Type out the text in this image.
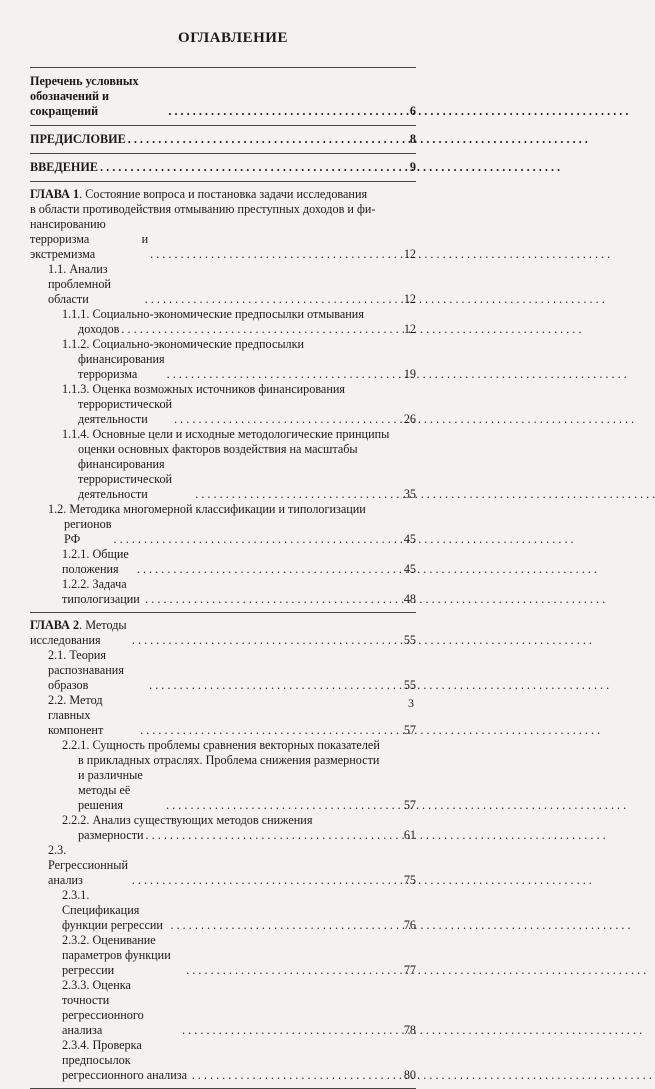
ОГЛАВЛЕНИЕ
Перечень условных обозначений и сокращений . . .	6
ПРЕДИСЛОВИЕ . . .	8
ВВЕДЕНИЕ . . .	9
ГЛАВА 1. Состояние вопроса и постановка задачи исследования
в области противодействия отмыванию преступных доходов и фи-
нансированию терроризма и экстремизма . . .	12
1.1. Анализ проблемной области . . .	12
1.1.1. Социально-экономические предпосылки отмывания
доходов . . .	12
1.1.2. Социально-экономические предпосылки
финансирования терроризма . . .	19
1.1.3. Оценка возможных источников финансирования
террористической деятельности . . .	26
1.1.4. Основные цели и исходные методологические принципы
оценки основных факторов воздействия на масштабы
финансирования террористической деятельности . . .	35
1.2. Методика многомерной классификации и типологизации
регионов РФ . . .	45
1.2.1. Общие положения . . .	45
1.2.2. Задача типологизации . . .	48
ГЛАВА 2. Методы исследования . . .	55
2.1. Теория распознавания образов . . .	55
2.2. Метод главных компонент . . .	57
2.2.1. Сущность проблемы сравнения векторных показателей
в прикладных отраслях. Проблема снижения размерности
и различные методы её решения . . .	57
2.2.2. Анализ существующих методов снижения
размерности . . .	61
2.3. Регрессионный анализ . . .	75
2.3.1. Спецификация функции регрессии . . .	76
2.3.2. Оценивание параметров функции регрессии . . .	77
2.3.3. Оценка точности регрессионного анализа . . .	78
2.3.4. Проверка предпосылок регрессионного анализа . . .	80
3
